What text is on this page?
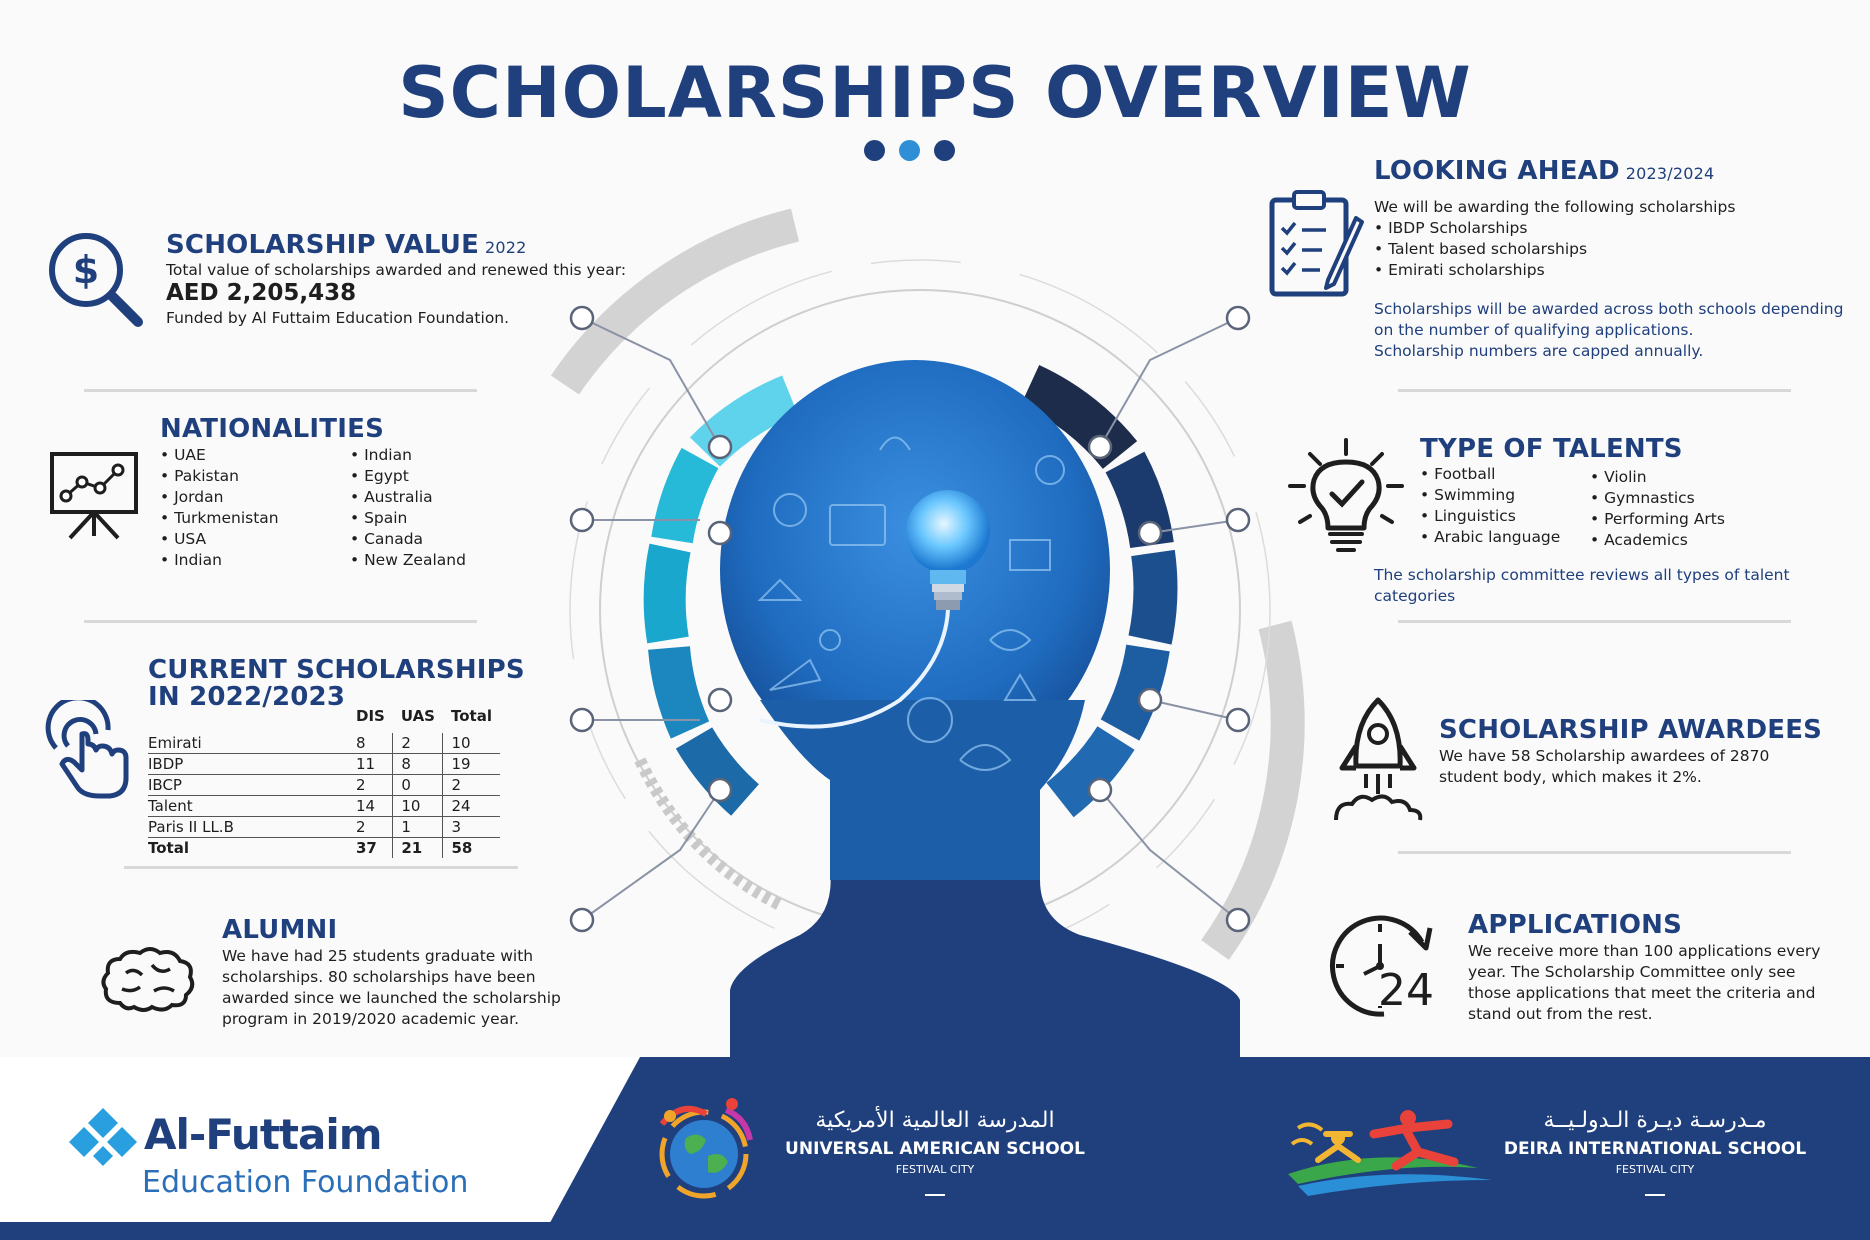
SCHOLARSHIPS OVERVIEW
$
SCHOLARSHIP VALUE 2022
Total value of scholarships awarded and renewed this year:
AED 2,205,438
Funded by Al Futtaim Education Foundation.
NATIONALITIES
• UAE
• Pakistan
• Jordan
• Turkmenistan
• USA
• Indian
• Indian
• Egypt
• Australia
• Spain
• Canada
• New Zealand
CURRENT SCHOLARSHIPS
IN 2022/2023
	DIS	UAS	Total

Emirati	8	2	10
IBDP	11	8	19
IBCP	2	0	2
Talent	14	10	24
Paris II LL.B	2	1	3
Total	37	21	58
ALUMNI
We have had 25 students graduate with scholarships. 80 scholarships have been awarded since we launched the scholarship program in 2019/2020 academic year.
LOOKING AHEAD 2023/2024
We will be awarding the following scholarships
• IBDP Scholarships
• Talent based scholarships
• Emirati scholarships
Scholarships will be awarded across both schools depending
on the number of qualifying applications.
Scholarship numbers are capped annually.
TYPE OF TALENTS
• Football
• Swimming
• Linguistics
• Arabic language
• Violin
• Gymnastics
• Performing Arts
• Academics
The scholarship committee reviews all types of talent categories
SCHOLARSHIP AWARDEES
We have 58 Scholarship awardees of 2870 student body, which makes it 2%.
24
APPLICATIONS
We receive more than 100 applications every year. The Scholarship Committee only see those applications that meet the criteria and stand out from the rest.
Al-Futtaim
Education Foundation
المدرسة العالمية الأمريكية
UNIVERSAL AMERICAN SCHOOL
FESTIVAL CITY
مـدرسـة ديـرة الـدولـيــة
DEIRA INTERNATIONAL SCHOOL
FESTIVAL CITY
